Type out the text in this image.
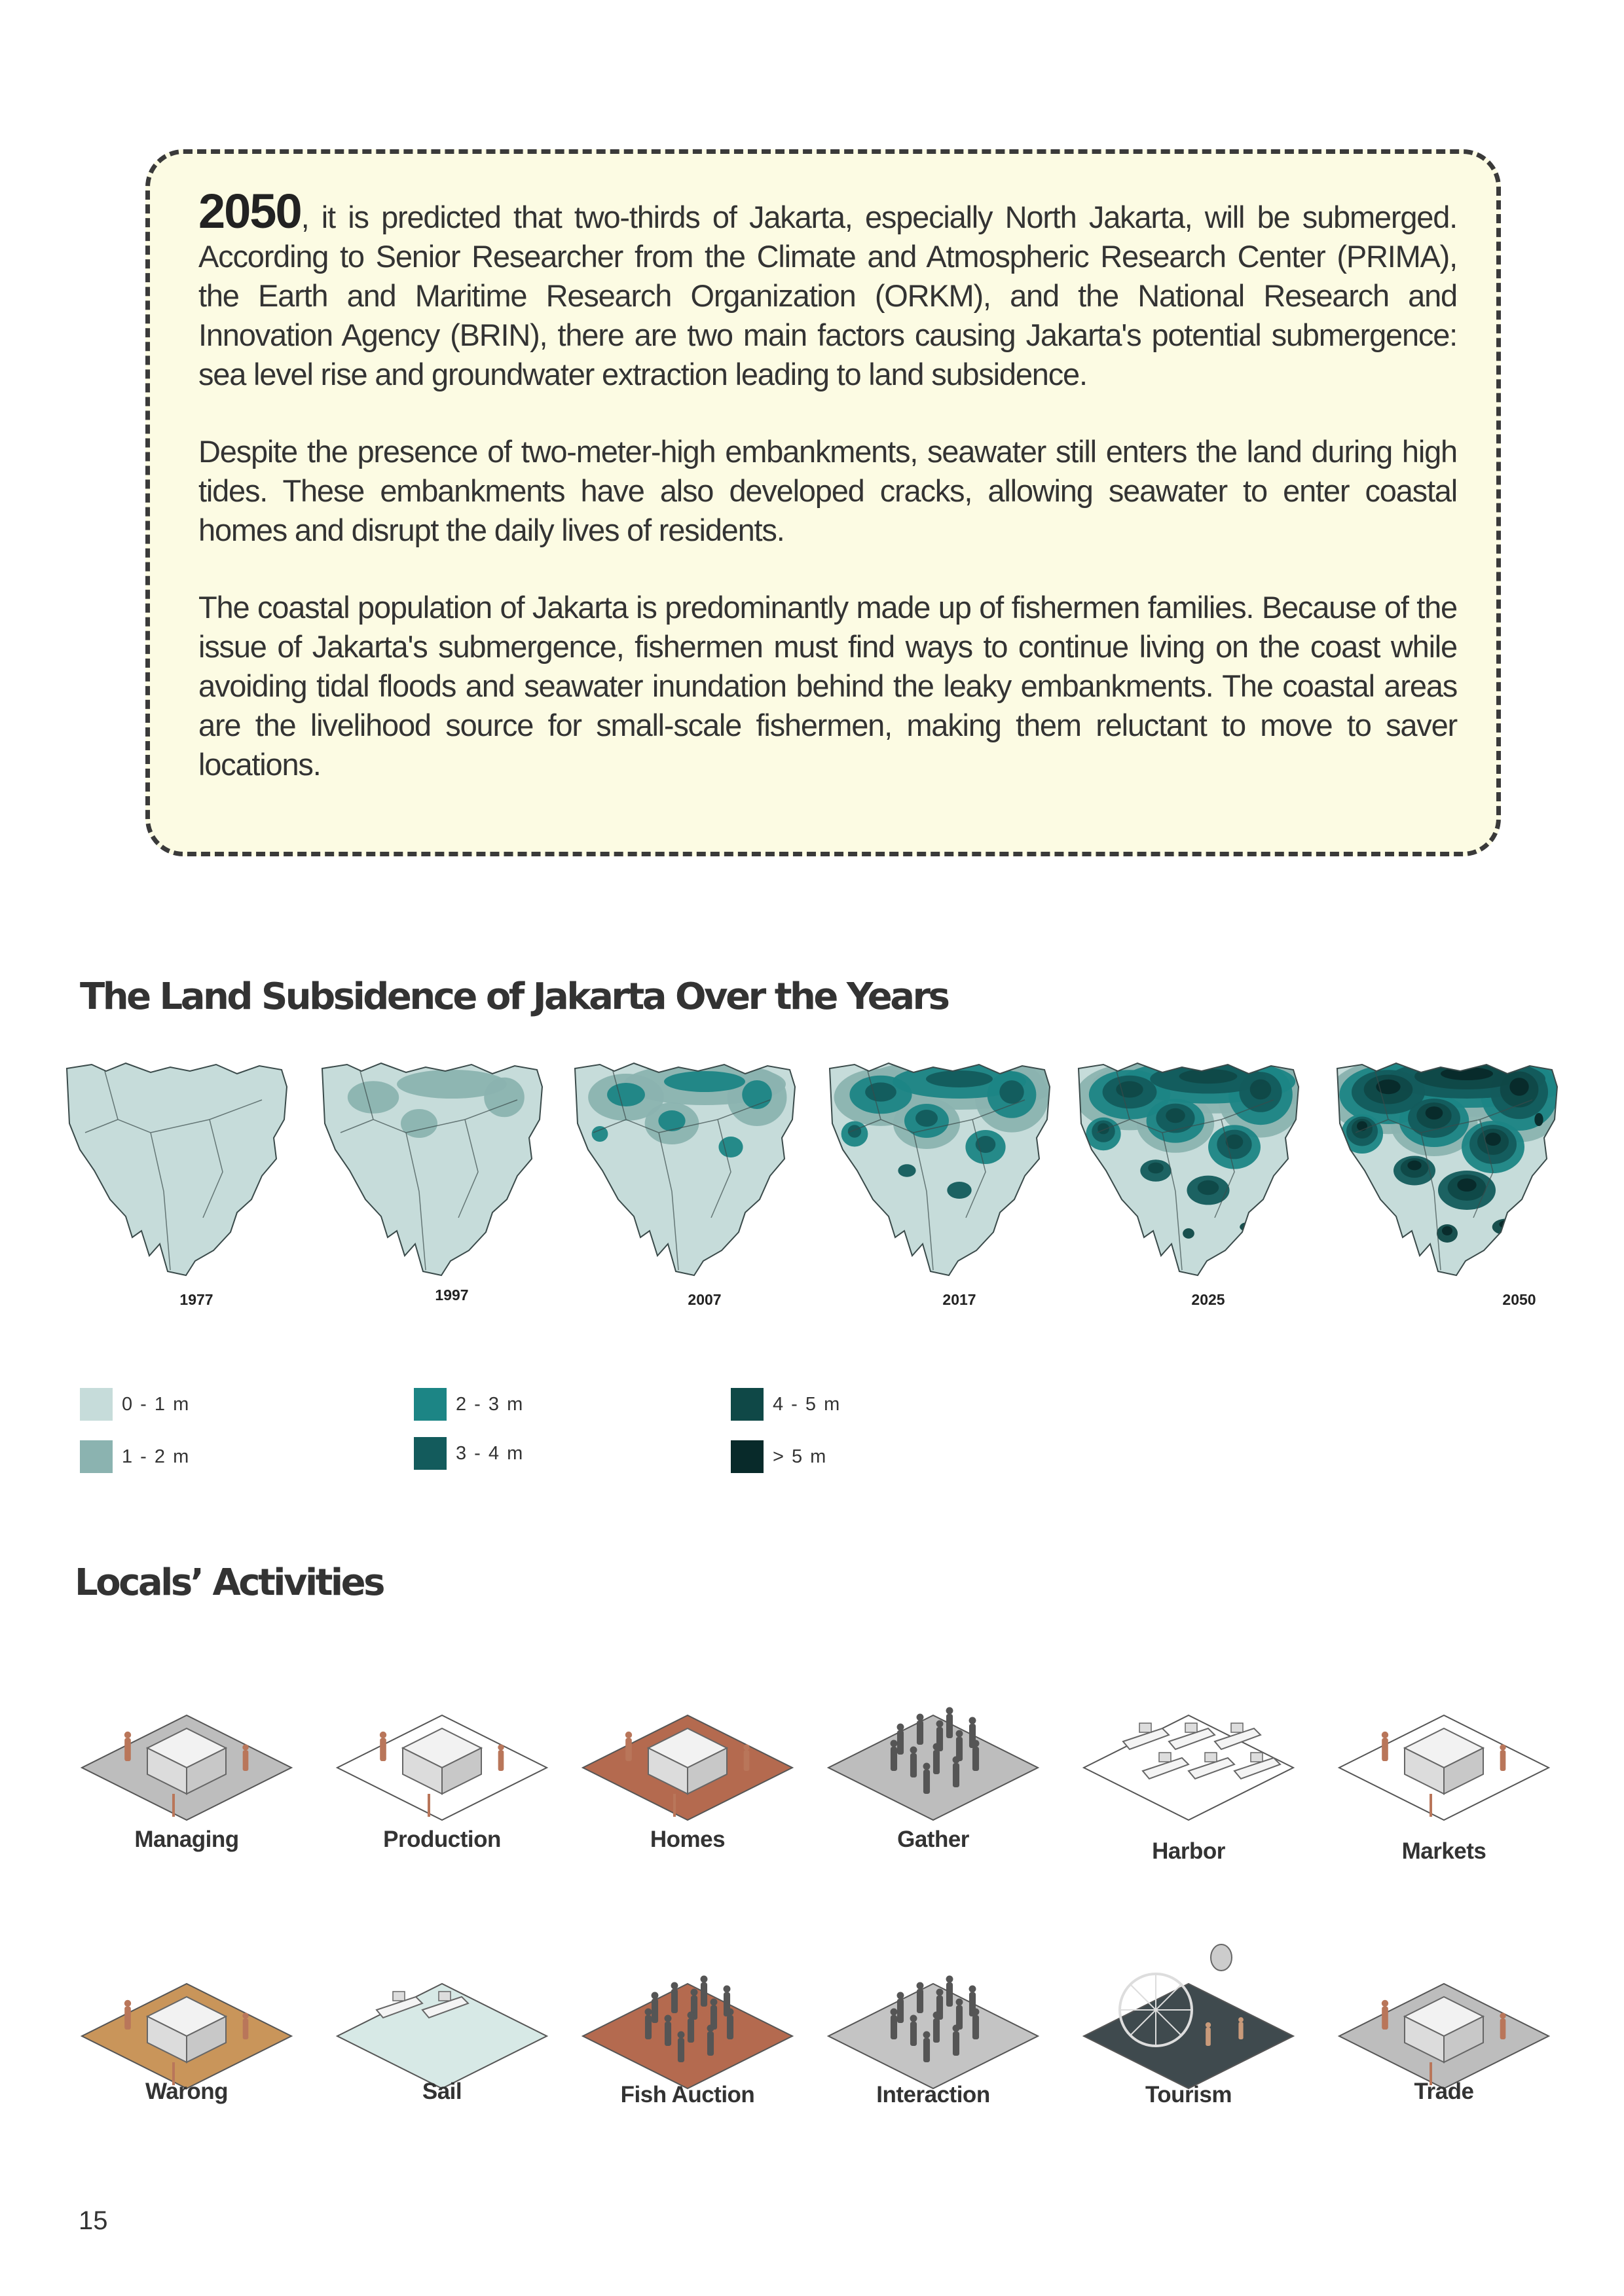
2050, it is predicted that two-thirds of Jakarta, especially North Jakarta, will be submerged. According to Senior Researcher from the Climate and Atmospheric Research Center (PRIMA), the Earth and Maritime Research Organization (ORKM), and the National Research and Innovation Agency (BRIN), there are two main factors causing Jakarta's potential submergence: sea level rise and groundwater extraction leading to land subsidence.

Despite the presence of two-meter-high embankments, seawater still enters the land during high tides. These embankments have also developed cracks, allowing seawater to enter coastal homes and disrupt the daily lives of residents.

The coastal population of Jakarta is predominantly made up of fishermen families. Because of the issue of Jakarta's submergence, fishermen must find ways to continue living on the coast while avoiding tidal floods and seawater inundation behind the leaky embankments. The coastal areas are the livelihood source for small-scale fishermen, making them reluctant to move to saver locations.

The Land Subsidence of Jakarta Over the Years
1977	1997	2007	2017	2025	2050
0 - 1 m
1 - 2 m
2 - 3 m
3 - 4 m
4 - 5 m
> 5 m
Locals’ Activities
Managing	Production	Homes	Gather	Harbor	Markets
Warong	Sail	Fish Auction	Interaction	Tourism	Trade
15
